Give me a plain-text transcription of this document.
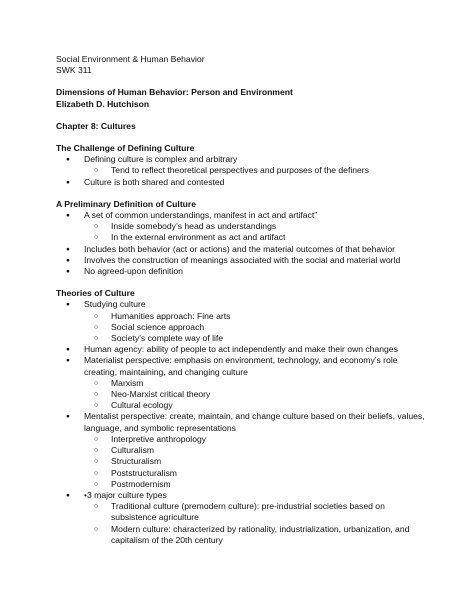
Social Environment & Human Behavior
SWK 311
Dimensions of Human Behavior: Person and Environment
Elizabeth D. Hutchison
Chapter 8: Cultures
The Challenge of Defining Culture
● Defining culture is complex and arbitrary
○ Tend to reflect theoretical perspectives and purposes of the definers
● Culture is both shared and contested
A Preliminary Definition of Culture
● A set of common understandings, manifest in act and artifact”
○ Inside somebody’s head as understandings
○ In the external environment as act and artifact
● Includes both behavior (act or actions) and the material outcomes of that behavior
● Involves the construction of meanings associated with the social and material world
● No agreed-upon definition
Theories of Culture
● Studying culture
○ Humanities approach: Fine arts
○ Social science approach
○ Society’s complete way of life
● Human agency: ability of people to act independently and make their own changes
● Materialist perspective: emphasis on environment, technology, and economy’s role creating, maintaining, and changing culture
○ Marxism
○ Neo-Marxist critical theory
○ Cultural ecology
● Mentalist perspective: create, maintain, and change culture based on their beliefs, values, language, and symbolic representations
○ Interpretive anthropology
○ Culturalism
○ Structuralism
○ Poststructuralism
○ Postmodernism
● •3 major culture types
○ Traditional culture (premodern culture): pre-industrial societies based on subsistence agriculture
○ Modern culture: characterized by rationality, industrialization, urbanization, and capitalism of the 20th century
